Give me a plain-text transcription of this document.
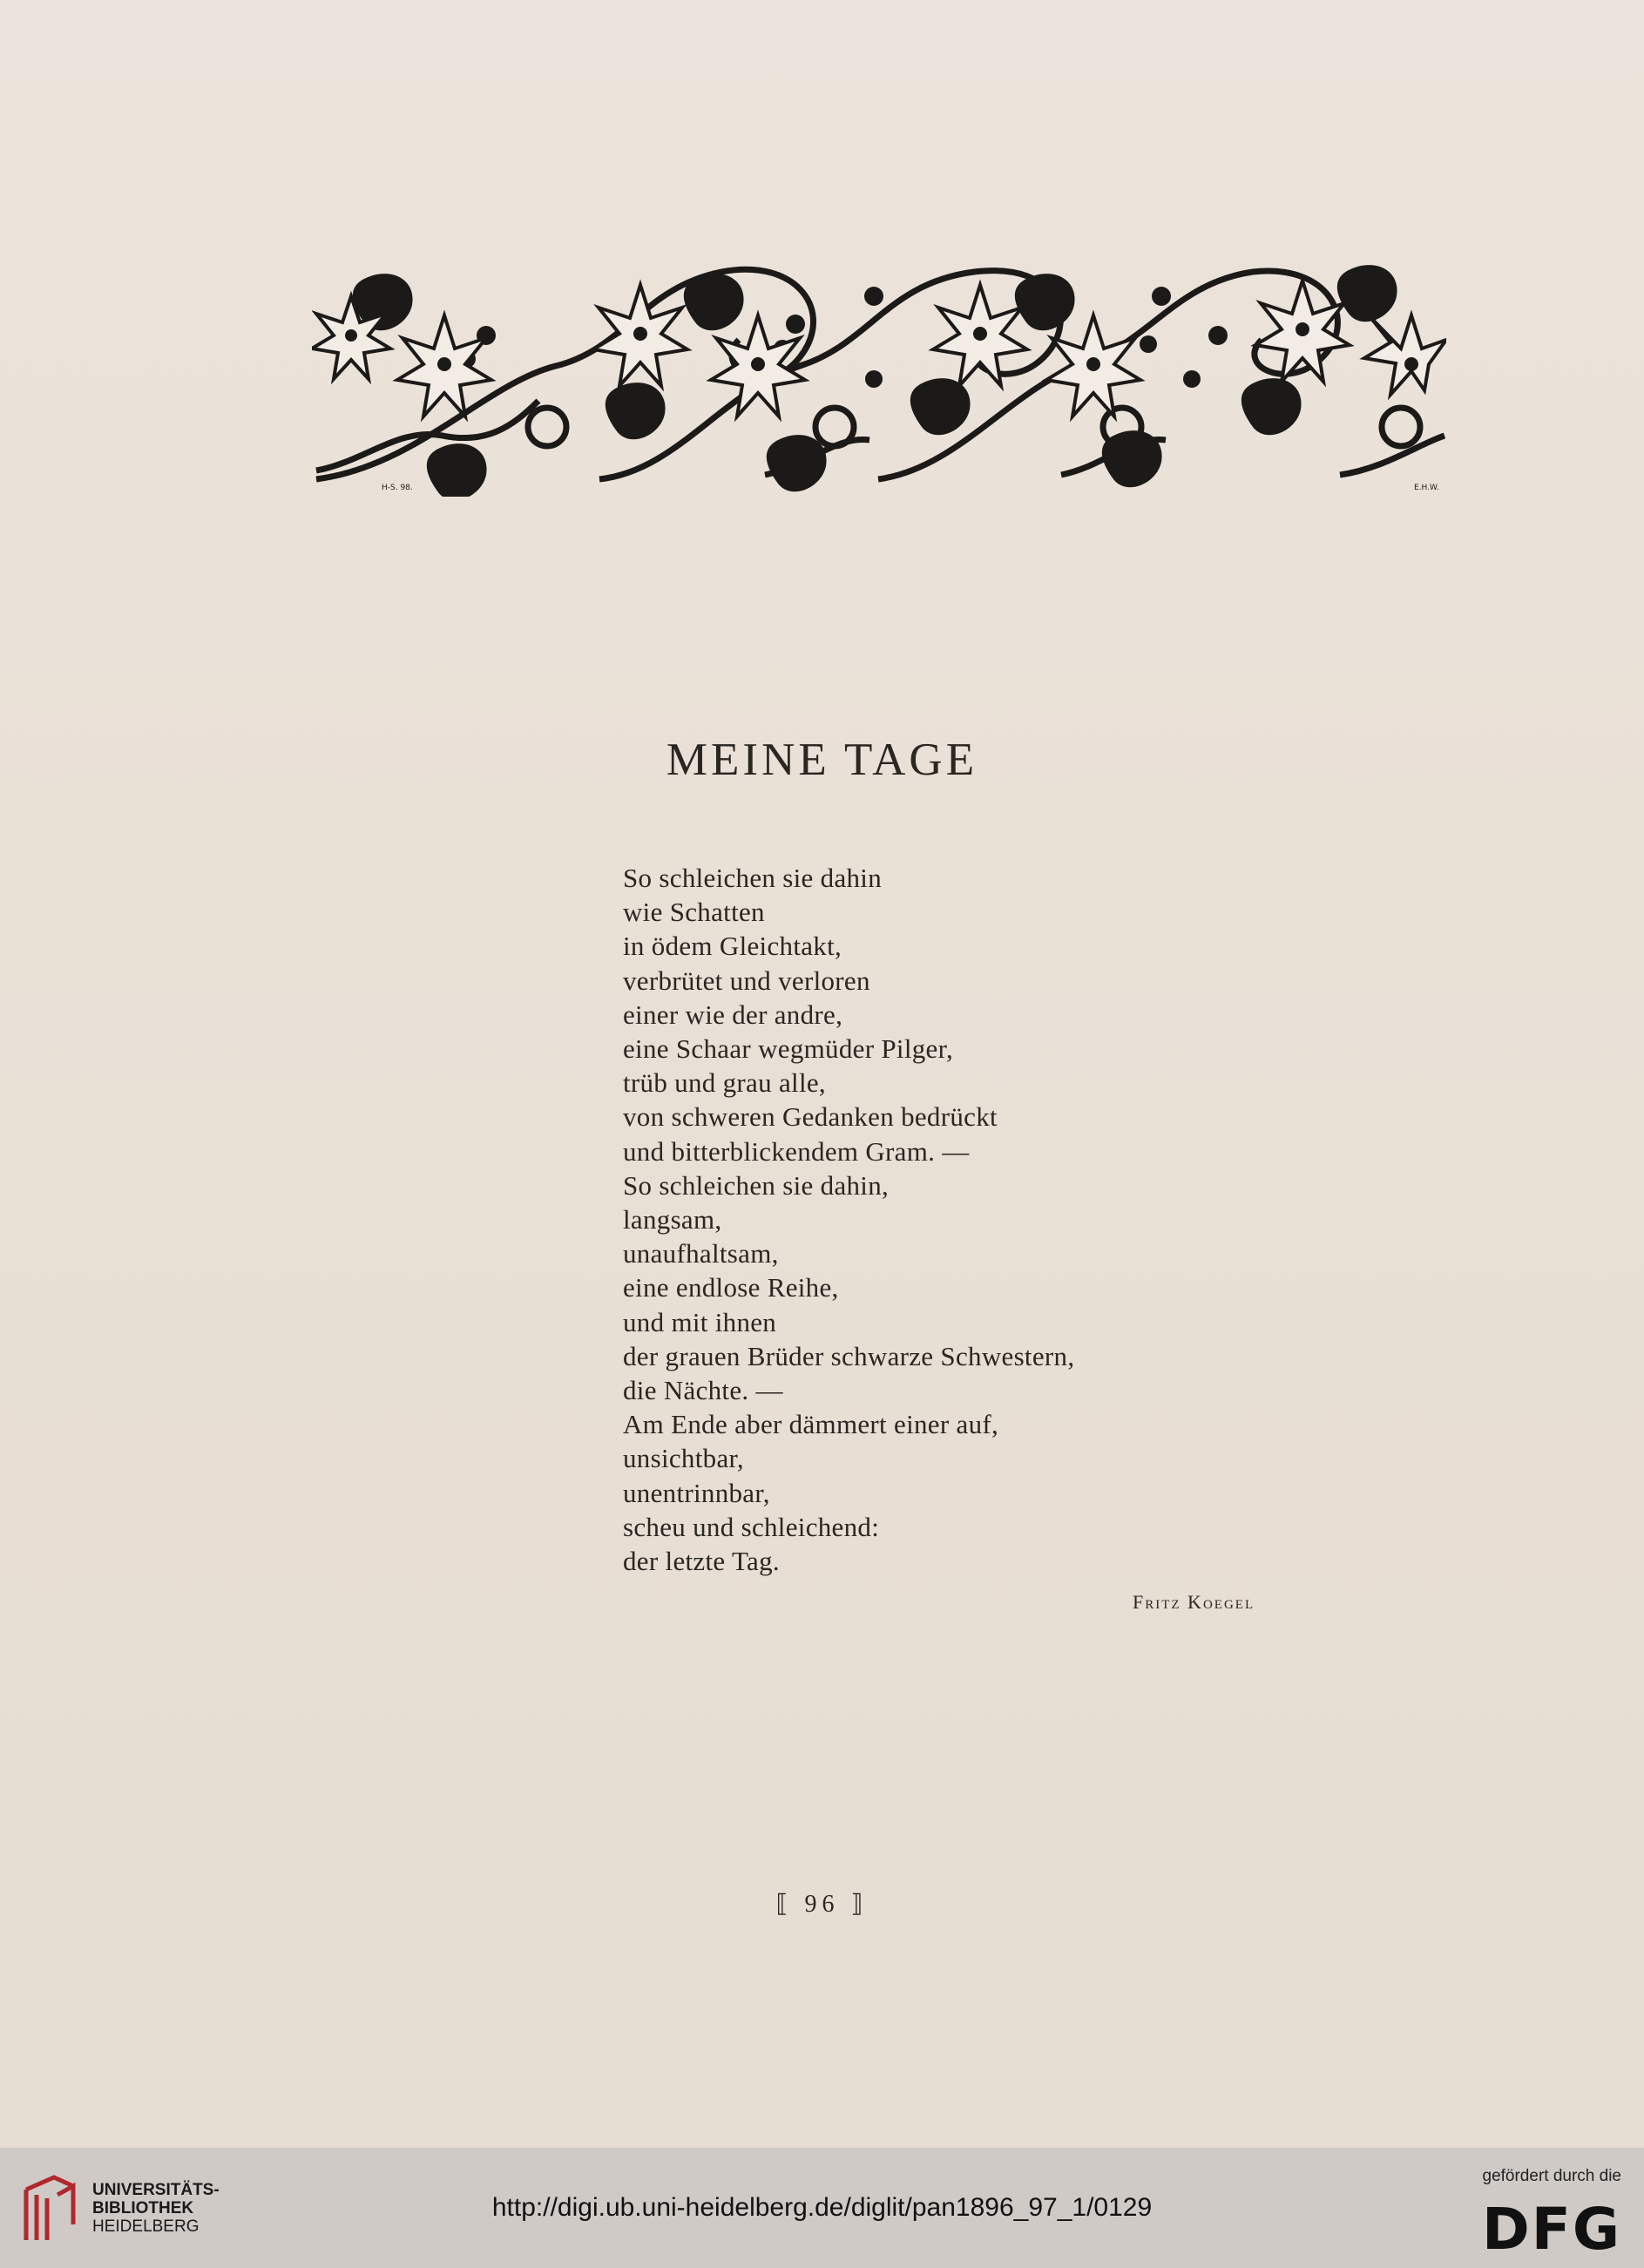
H-S. 98.	E.H.W.
MEINE TAGE
So schleichen sie dahin
wie Schatten
in ödem Gleichtakt,
verbrütet und verloren
einer wie der andre,
eine Schaar wegmüder Pilger,
trüb und grau alle,
von schweren Gedanken bedrückt
und bitterblickendem Gram. —
So schleichen sie dahin,
langsam,
unaufhaltsam,
eine endlose Reihe,
und mit ihnen
der grauen Brüder schwarze Schwestern,
die Nächte. —
Am Ende aber dämmert einer auf,
unsichtbar,
unentrinnbar,
scheu und schleichend:
der letzte Tag.
Fritz Koegel
⟦ 96 ⟧
UNIVERSITÄTS-
BIBLIOTHEK
HEIDELBERG
http://digi.ub.uni-heidelberg.de/diglit/pan1896_97_1/0129
gefördert durch die
DFG
